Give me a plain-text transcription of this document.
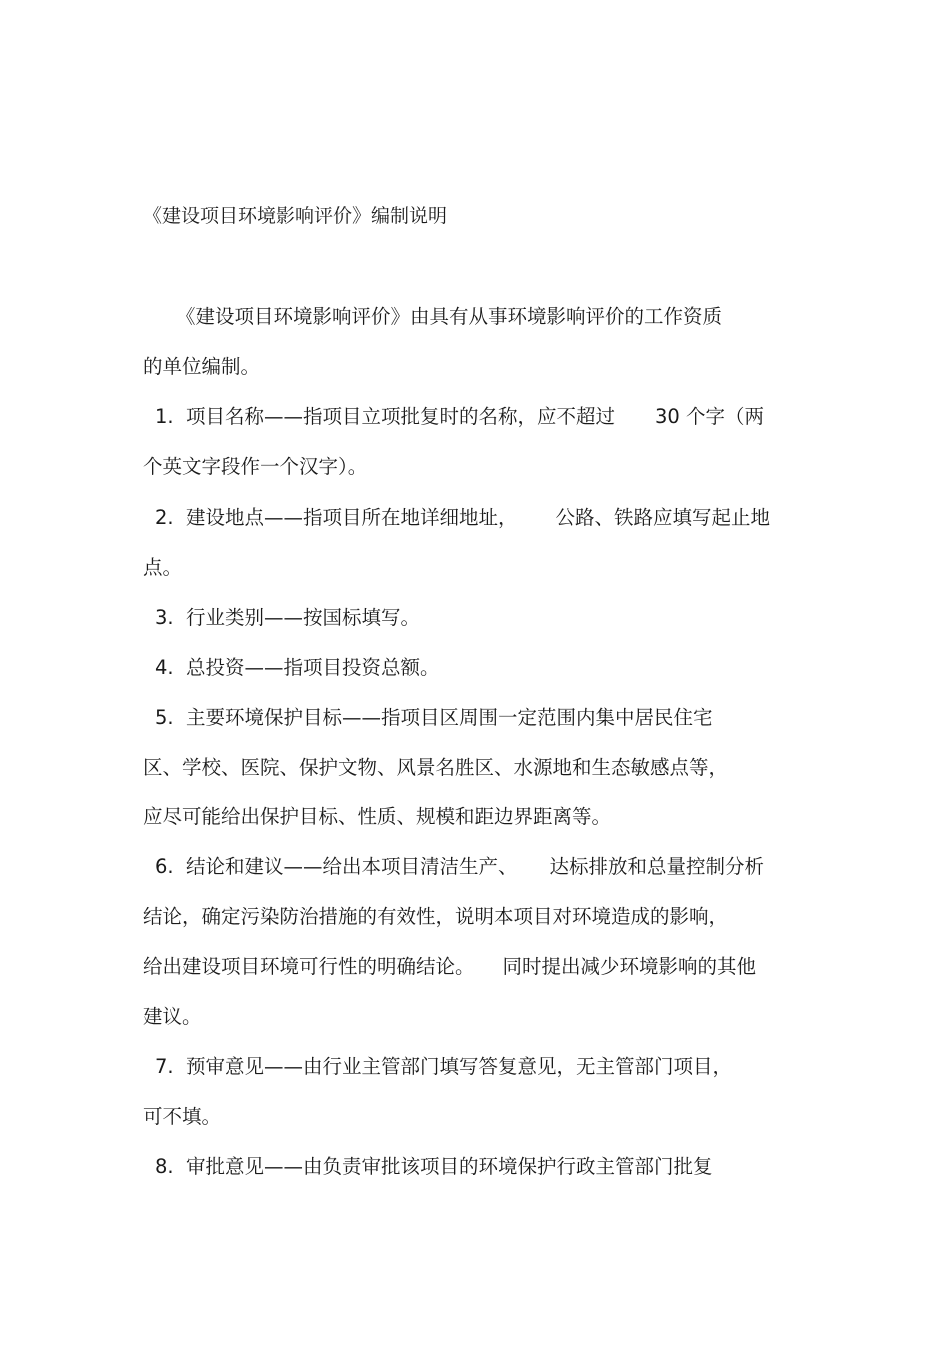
《建设项目环境影响评价》编制说明
《建设项目环境影响评价》由具有从事环境影响评价的工作资质
的单位编制。
1. 项目名称——指项目立项批复时的名称，应不超过 30 个字（两
个英文字段作一个汉字）。
2. 建设地点——指项目所在地详细地址， 公路、铁路应填写起止地
点。
3. 行业类别——按国标填写。
4. 总投资——指项目投资总额。
5. 主要环境保护目标——指项目区周围一定范围内集中居民住宅
区、学校、医院、保护文物、风景名胜区、水源地和生态敏感点等，
应尽可能给出保护目标、性质、规模和距边界距离等。
6. 结论和建议——给出本项目清洁生产、 达标排放和总量控制分析
结论，确定污染防治措施的有效性，说明本项目对环境造成的影响，
给出建设项目环境可行性的明确结论。 同时提出减少环境影响的其他
建议。
7. 预审意见——由行业主管部门填写答复意见，无主管部门项目，
可不填。
8. 审批意见——由负责审批该项目的环境保护行政主管部门批复
